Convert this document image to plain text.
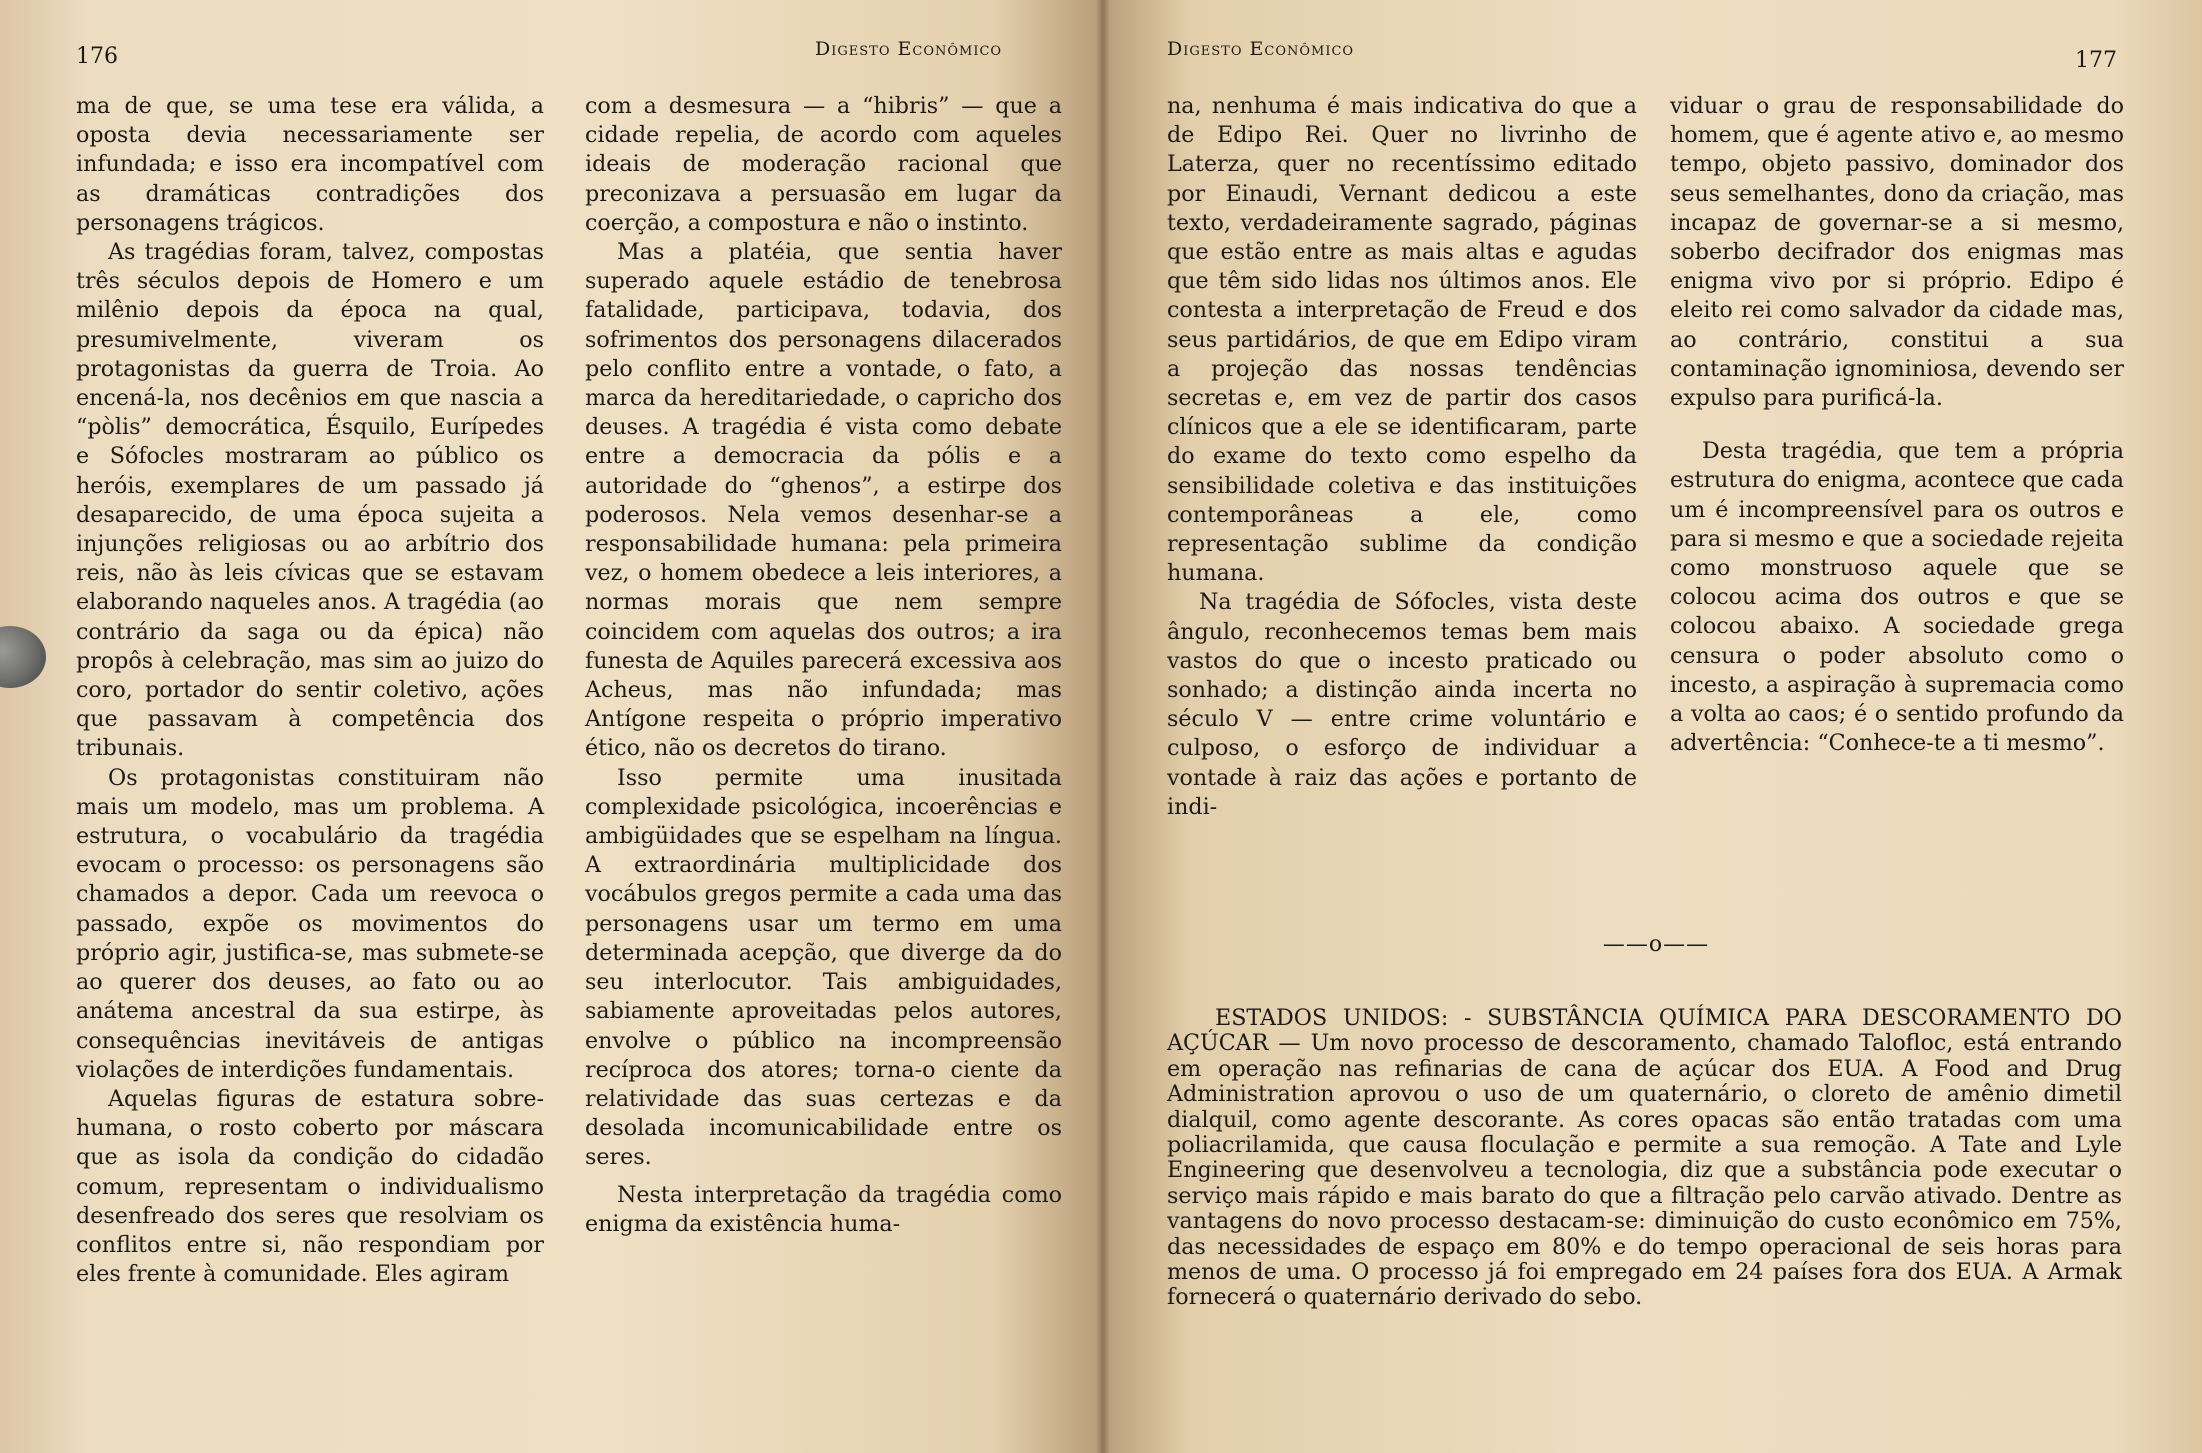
176	Digesto Econômico

ma de que, se uma tese era válida, a oposta devia necessariamente ser infundada; e isso era incompatível com as dramáticas contradições dos personagens trágicos.

As tragédias foram, talvez, compostas três séculos depois de Homero e um milênio depois da época na qual, presumivelmente, viveram os protagonistas da guerra de Troia. Ao encená-la, nos decênios em que nascia a “pòlis” democrática, Ésquilo, Eurípedes e Sófocles mostraram ao público os heróis, exemplares de um passado já desaparecido, de uma época sujeita a injunções religiosas ou ao arbítrio dos reis, não às leis cívicas que se estavam elaborando naqueles anos. A tragédia (ao contrário da saga ou da épica) não propôs à celebração, mas sim ao juizo do coro, portador do sentir coletivo, ações que passavam à competência dos tribunais.

Os protagonistas constituiram não mais um modelo, mas um problema. A estrutura, o vocabulário da tragédia evocam o processo: os personagens são chamados a depor. Cada um reevoca o passado, expõe os movimentos do próprio agir, justifica-se, mas submete-se ao querer dos deuses, ao fato ou ao anátema ancestral da sua estirpe, às consequências inevitáveis de antigas violações de interdições fundamentais.

Aquelas figuras de estatura sobre-humana, o rosto coberto por máscara que as isola da condição do cidadão comum, representam o individualismo desenfreado dos seres que resolviam os conflitos entre si, não respondiam por eles frente à comunidade. Eles agiram

com a desmesura — a “hibris” — que a cidade repelia, de acordo com aqueles ideais de moderação racional que preconizava a persuasão em lugar da coerção, a compostura e não o instinto.

Mas a platéia, que sentia haver superado aquele estádio de tenebrosa fatalidade, participava, todavia, dos sofrimentos dos personagens dilacerados pelo conflito entre a vontade, o fato, a marca da hereditariedade, o capricho dos deuses. A tragédia é vista como debate entre a democracia da pólis e a autoridade do “ghenos”, a estirpe dos poderosos. Nela vemos desenhar-se a responsabilidade humana: pela primeira vez, o homem obedece a leis interiores, a normas morais que nem sempre coincidem com aquelas dos outros; a ira funesta de Aquiles parecerá excessiva aos Acheus, mas não infundada; mas Antígone respeita o próprio imperativo ético, não os decretos do tirano.

Isso permite uma inusitada complexidade psicológica, incoerências e ambigüidades que se espelham na língua. A extraordinária multiplicidade dos vocábulos gregos permite a cada uma das personagens usar um termo em uma determinada acepção, que diverge da do seu interlocutor. Tais ambiguidades, sabiamente aproveitadas pelos autores, envolve o público na incompreensão recíproca dos atores; torna-o ciente da relatividade das suas certezas e da desolada incomunicabilidade entre os seres.

Nesta interpretação da tragédia como enigma da existência huma-

Digesto Econômico	177

na, nenhuma é mais indicativa do que a de Edipo Rei. Quer no livrinho de Laterza, quer no recentíssimo editado por Einaudi, Vernant dedicou a este texto, verdadeiramente sagrado, páginas que estão entre as mais altas e agudas que têm sido lidas nos últimos anos. Ele contesta a interpretação de Freud e dos seus partidários, de que em Edipo viram a projeção das nossas tendências secretas e, em vez de partir dos casos clínicos que a ele se identificaram, parte do exame do texto como espelho da sensibilidade coletiva e das instituições contemporâneas a ele, como representação sublime da condição humana.

Na tragédia de Sófocles, vista deste ângulo, reconhecemos temas bem mais vastos do que o incesto praticado ou sonhado; a distinção ainda incerta no século V — entre crime voluntário e culposo, o esforço de individuar a vontade à raiz das ações e portanto de indi-

viduar o grau de responsabilidade do homem, que é agente ativo e, ao mesmo tempo, objeto passivo, dominador dos seus semelhantes, dono da criação, mas incapaz de governar-se a si mesmo, soberbo decifrador dos enigmas mas enigma vivo por si próprio. Edipo é eleito rei como salvador da cidade mas, ao contrário, constitui a sua contaminação ignominiosa, devendo ser expulso para purificá-la.

Desta tragédia, que tem a própria estrutura do enigma, acontece que cada um é incompreensível para os outros e para si mesmo e que a sociedade rejeita como monstruoso aquele que se colocou acima dos outros e que se colocou abaixo. A sociedade grega censura o poder absoluto como o incesto, a aspiração à supremacia como a volta ao caos; é o sentido profundo da advertência: “Conhece-te a ti mesmo”.

——o——

ESTADOS UNIDOS: - SUBSTÂNCIA QUÍMICA PARA DESCORAMENTO DO AÇÚCAR — Um novo processo de descoramento, chamado Talofloc, está entrando em operação nas refinarias de cana de açúcar dos EUA. A Food and Drug Administration aprovou o uso de um quaternário, o cloreto de amênio dimetil dialquil, como agente descorante. As cores opacas são então tratadas com uma poliacrilamida, que causa floculação e permite a sua remoção. A Tate and Lyle Engineering que desenvolveu a tecnologia, diz que a substância pode executar o serviço mais rápido e mais barato do que a filtração pelo carvão ativado. Dentre as vantagens do novo processo destacam-se: diminuição do custo econômico em 75%, das necessidades de espaço em 80% e do tempo operacional de seis horas para menos de uma. O processo já foi empregado em 24 países fora dos EUA. A Armak fornecerá o quaternário derivado do sebo.
